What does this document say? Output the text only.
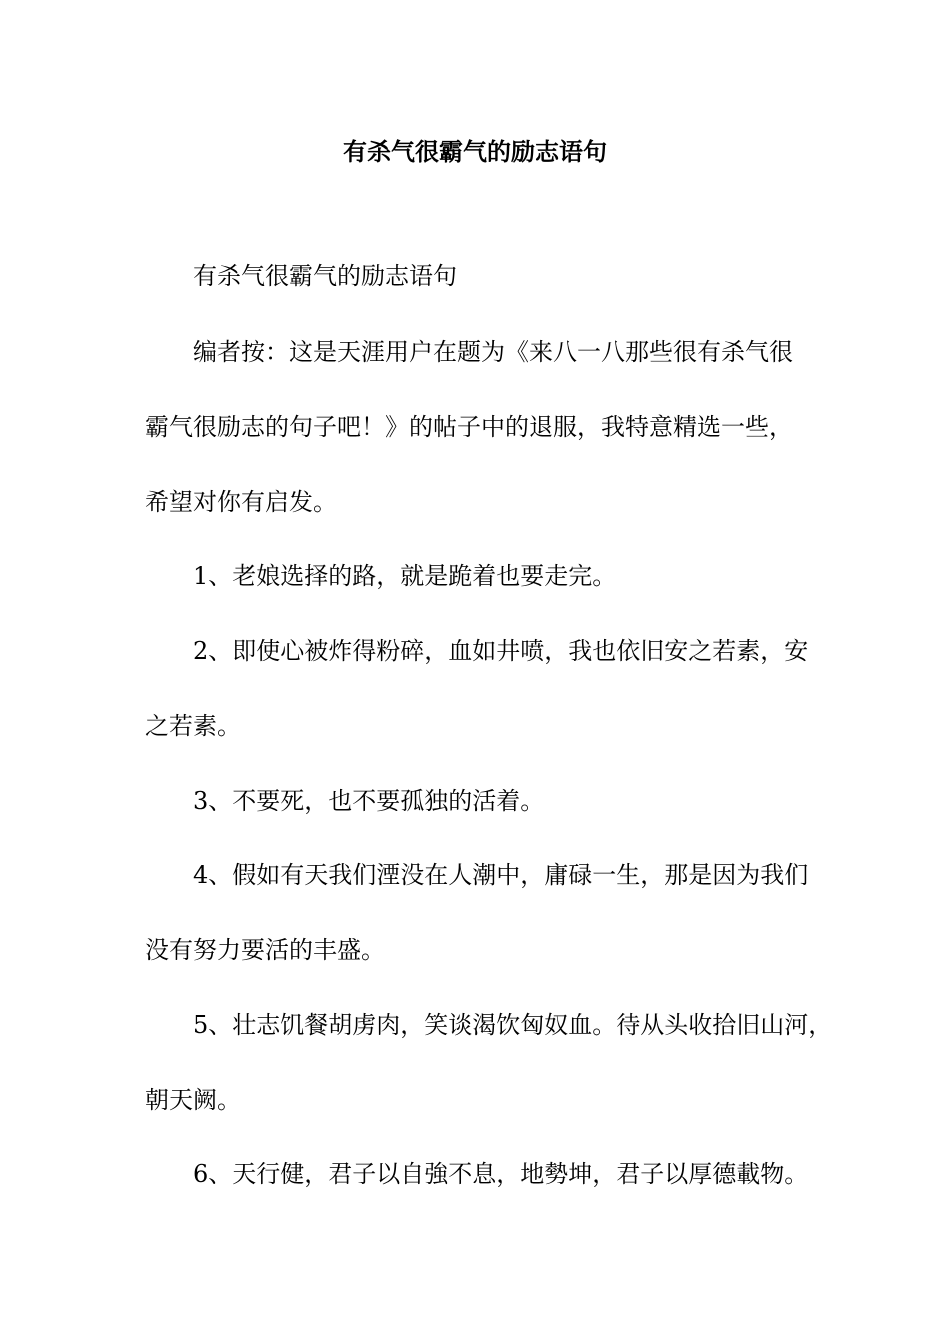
有杀气很霸气的励志语句
有杀气很霸气的励志语句
编者按：这是天涯用户在题为《来八一八那些很有杀气很
霸气很励志的句子吧！》的帖子中的退服，我特意精选一些，
希望对你有启发。
1、老娘选择的路，就是跪着也要走完。
2、即使心被炸得粉碎，血如井喷，我也依旧安之若素，安
之若素。
3、不要死，也不要孤独的活着。
4、假如有天我们湮没在人潮中，庸碌一生，那是因为我们
没有努力要活的丰盛。
5、壮志饥餐胡虏肉，笑谈渴饮匈奴血。待从头收拾旧山河，
朝天阙。
6、天行健，君子以自強不息，地勢坤，君子以厚德載物。
